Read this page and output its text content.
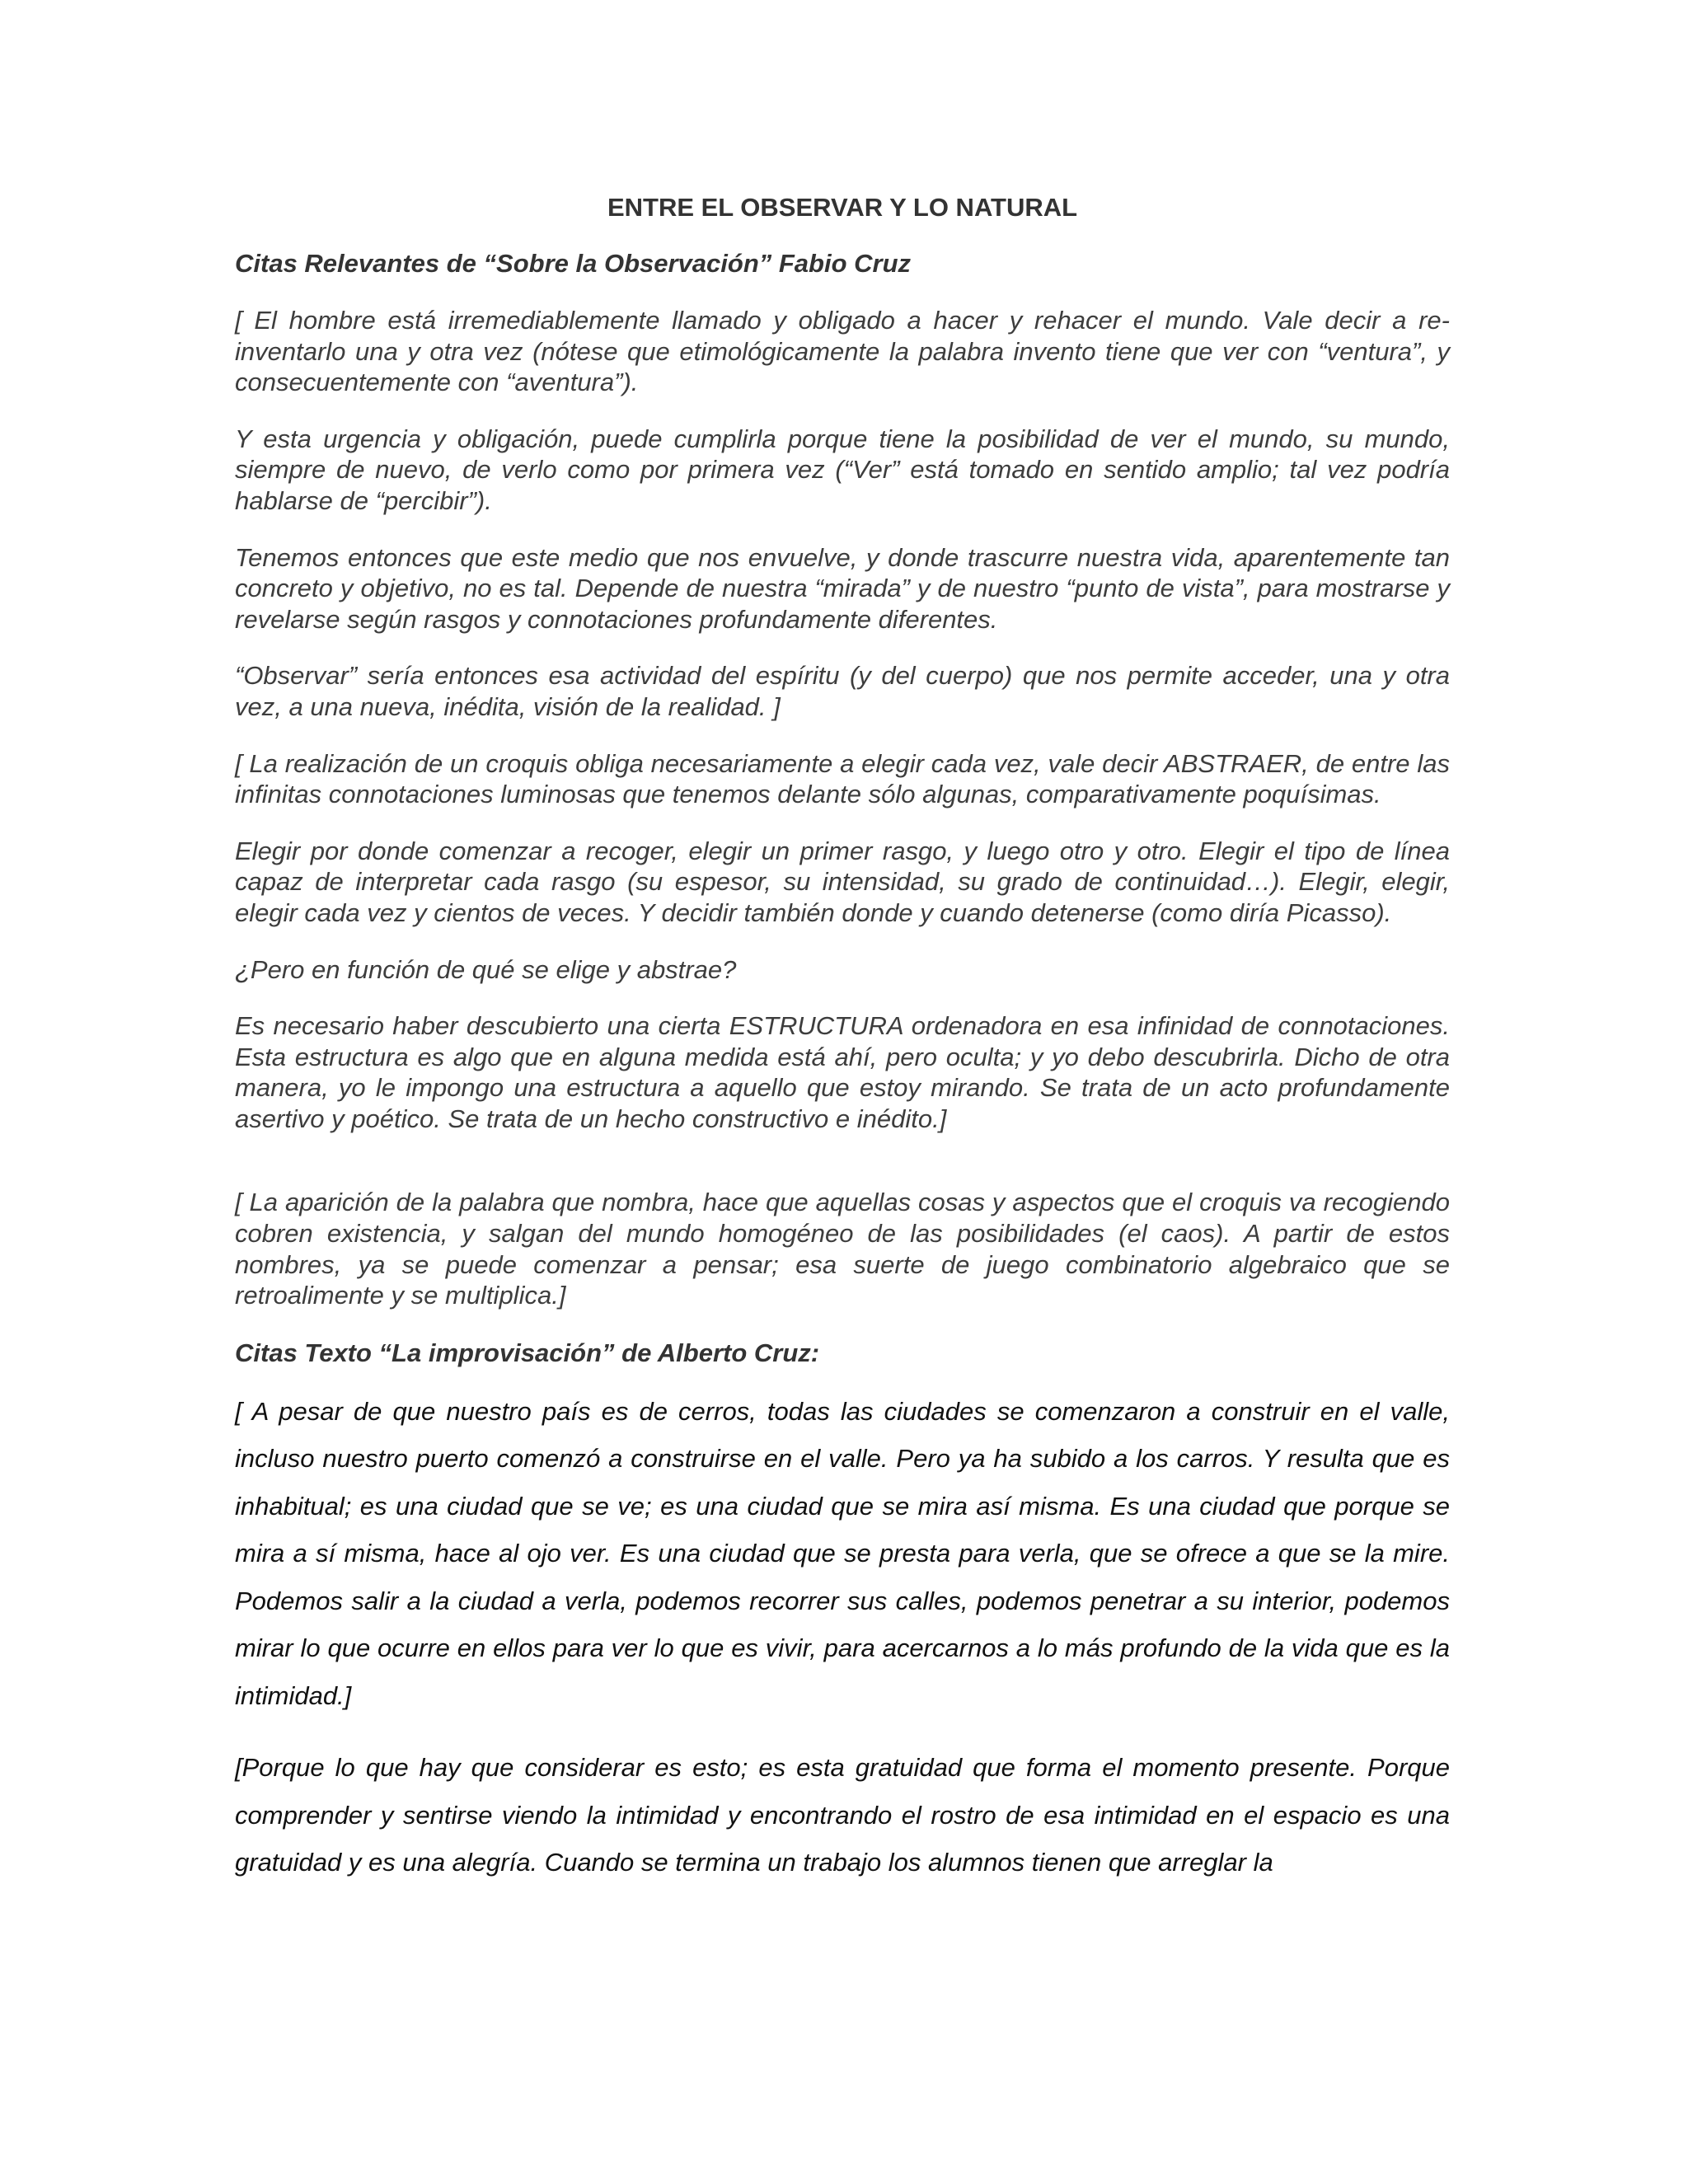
ENTRE EL OBSERVAR Y LO NATURAL
Citas Relevantes de “Sobre la Observación” Fabio Cruz

[ El hombre está irremediablemente llamado y obligado a hacer y rehacer el mundo. Vale decir a re-inventarlo una y otra vez (nótese que etimológicamente la palabra invento tiene que ver con “ventura”, y consecuentemente con “aventura”).

Y esta urgencia y obligación, puede cumplirla porque tiene la posibilidad de ver el mundo, su mundo, siempre de nuevo, de verlo como por primera vez (“Ver” está tomado en sentido amplio; tal vez podría hablarse de “percibir”).

Tenemos entonces que este medio que nos envuelve, y donde trascurre nuestra vida, aparentemente tan concreto y objetivo, no es tal. Depende de nuestra “mirada” y de nuestro “punto de vista”, para mostrarse y revelarse según rasgos y connotaciones profundamente diferentes.

“Observar” sería entonces esa actividad del espíritu (y del cuerpo) que nos permite acceder, una y otra vez, a una nueva, inédita, visión de la realidad. ]

[ La realización de un croquis obliga necesariamente a elegir cada vez, vale decir ABSTRAER, de entre las infinitas connotaciones luminosas que tenemos delante sólo algunas, comparativamente poquísimas.

Elegir por donde comenzar a recoger, elegir un primer rasgo, y luego otro y otro. Elegir el tipo de línea capaz de interpretar cada rasgo (su espesor, su intensidad, su grado de continuidad…). Elegir, elegir, elegir cada vez y cientos de veces. Y decidir también donde y cuando detenerse (como diría Picasso).

¿Pero en función de qué se elige y abstrae?

Es necesario haber descubierto una cierta ESTRUCTURA ordenadora en esa infinidad de connotaciones. Esta estructura es algo que en alguna medida está ahí, pero oculta; y yo debo descubrirla. Dicho de otra manera, yo le impongo una estructura a aquello que estoy mirando. Se trata de un acto profundamente asertivo y poético. Se trata de un hecho constructivo e inédito.]

[ La aparición de la palabra que nombra, hace que aquellas cosas y aspectos que el croquis va recogiendo cobren existencia, y salgan del mundo homogéneo de las posibilidades (el caos). A partir de estos nombres, ya se puede comenzar a pensar; esa suerte de juego combinatorio algebraico que se retroalimente y se multiplica.]

Citas Texto “La improvisación” de Alberto Cruz:

[ A pesar de que nuestro país es de cerros, todas las ciudades se comenzaron a construir en el valle, incluso nuestro puerto comenzó a construirse en el valle. Pero ya ha subido a los carros. Y resulta que es inhabitual; es una ciudad que se ve; es una ciudad que se mira así misma. Es una ciudad que porque se mira a sí misma, hace al ojo ver. Es una ciudad que se presta para verla, que se ofrece a que se la mire. Podemos salir a la ciudad a verla, podemos recorrer sus calles, podemos penetrar a su interior, podemos mirar lo que ocurre en ellos para ver lo que es vivir, para acercarnos a lo más profundo de la vida que es la intimidad.]

[Porque lo que hay que considerar es esto; es esta gratuidad que forma el momento presente. Porque comprender y sentirse viendo la intimidad y encontrando el rostro de esa intimidad en el espacio es una gratuidad y es una alegría. Cuando se termina un trabajo los alumnos tienen que arreglar la
